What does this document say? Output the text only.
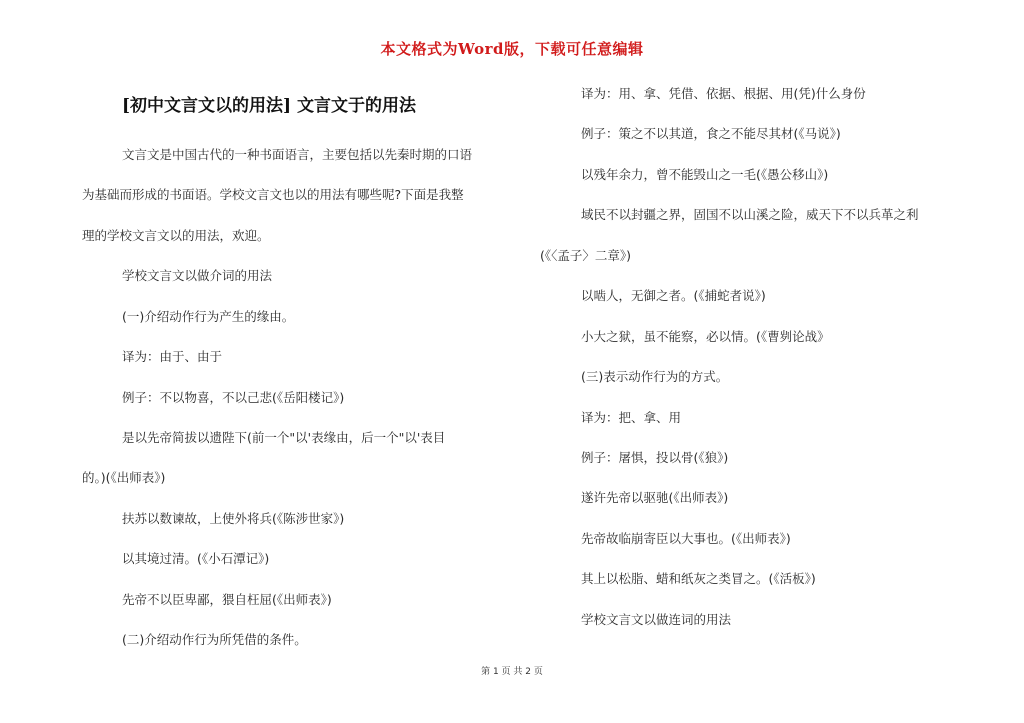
本文格式为Word版，下载可任意编辑
[初中文言文以的用法] 文言文于的用法

文言文是中国古代的一种书面语言，主要包括以先秦时期的口语

为基础而形成的书面语。学校文言文也以的用法有哪些呢?下面是我整

理的学校文言文以的用法，欢迎。

学校文言文以做介词的用法

(一)介绍动作行为产生的缘由。

译为：由于、由于

例子：不以物喜，不以己悲(《岳阳楼记》)

是以先帝简拔以遗陛下(前一个"以'表缘由，后一个"以'表目

的。)(《出师表》)

扶苏以数谏故，上使外将兵(《陈涉世家》)

以其境过清。(《小石潭记》)

先帝不以臣卑鄙，猥自枉屈(《出师表》)

(二)介绍动作行为所凭借的条件。

译为：用、拿、凭借、依据、根据、用(凭)什么身份

例子：策之不以其道，食之不能尽其材(《马说》)

以残年余力，曾不能毁山之一毛(《愚公移山》)

域民不以封疆之界，固国不以山溪之险，威天下不以兵革之利

(《〈孟子〉二章》)

以啮人，无御之者。(《捕蛇者说》)

小大之狱，虽不能察，必以情。(《曹刿论战》

(三)表示动作行为的方式。

译为：把、拿、用

例子：屠惧，投以骨(《狼》)

遂许先帝以驱驰(《出师表》)

先帝故临崩寄臣以大事也。(《出师表》)

其上以松脂、蜡和纸灰之类冒之。(《活板》)

学校文言文以做连词的用法

第 1 页 共 2 页
